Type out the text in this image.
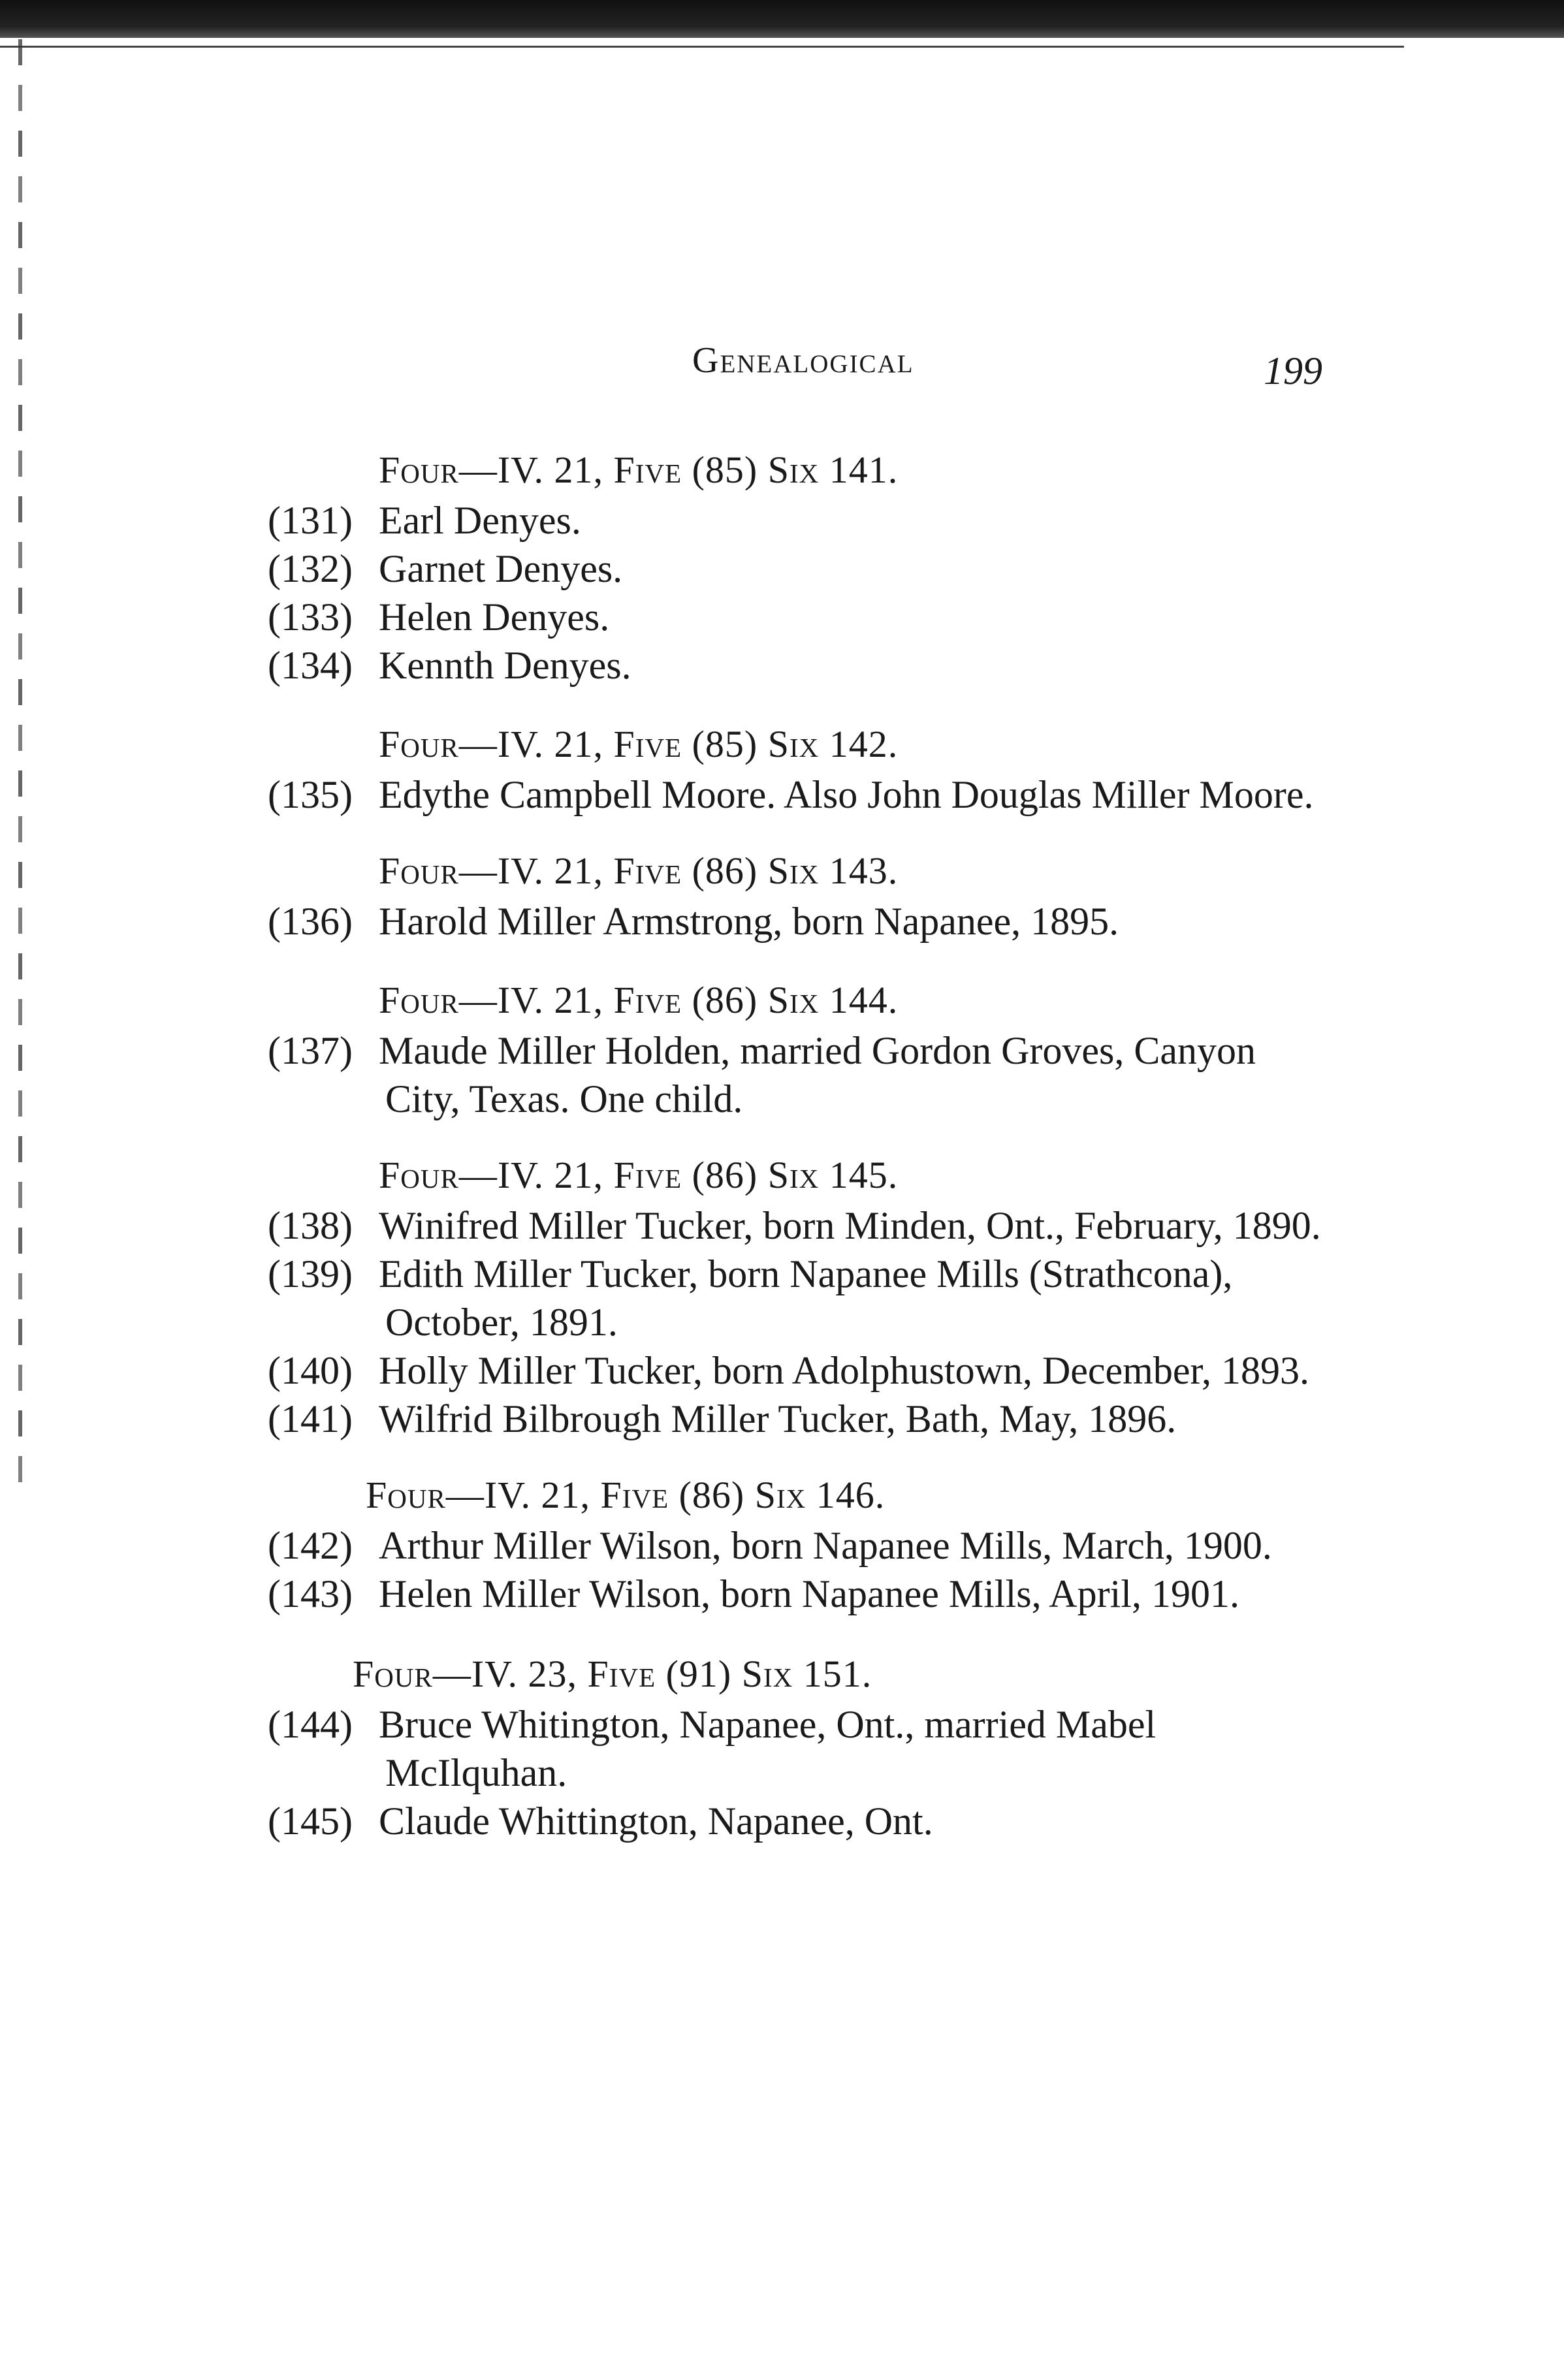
Genealogical	199
Four—IV. 21, Five (85) Six 141.
(131) Earl Denyes.
(132) Garnet Denyes.
(133) Helen Denyes.
(134) Kennth Denyes.
Four—IV. 21, Five (85) Six 142.
(135) Edythe Campbell Moore. Also John Douglas Miller Moore.
Four—IV. 21, Five (86) Six 143.
(136) Harold Miller Armstrong, born Napanee, 1895.
Four—IV. 21, Five (86) Six 144.
(137) Maude Miller Holden, married Gordon Groves, Canyon City, Texas. One child.
Four—IV. 21, Five (86) Six 145.
(138) Winifred Miller Tucker, born Minden, Ont., February, 1890.
(139) Edith Miller Tucker, born Napanee Mills (Strathcona), October, 1891.
(140) Holly Miller Tucker, born Adolphustown, December, 1893.
(141) Wilfrid Bilbrough Miller Tucker, Bath, May, 1896.
Four—IV. 21, Five (86) Six 146.
(142) Arthur Miller Wilson, born Napanee Mills, March, 1900.
(143) Helen Miller Wilson, born Napanee Mills, April, 1901.
Four—IV. 23, Five (91) Six 151.
(144) Bruce Whitington, Napanee, Ont., married Mabel McIlquhan.
(145) Claude Whittington, Napanee, Ont.
